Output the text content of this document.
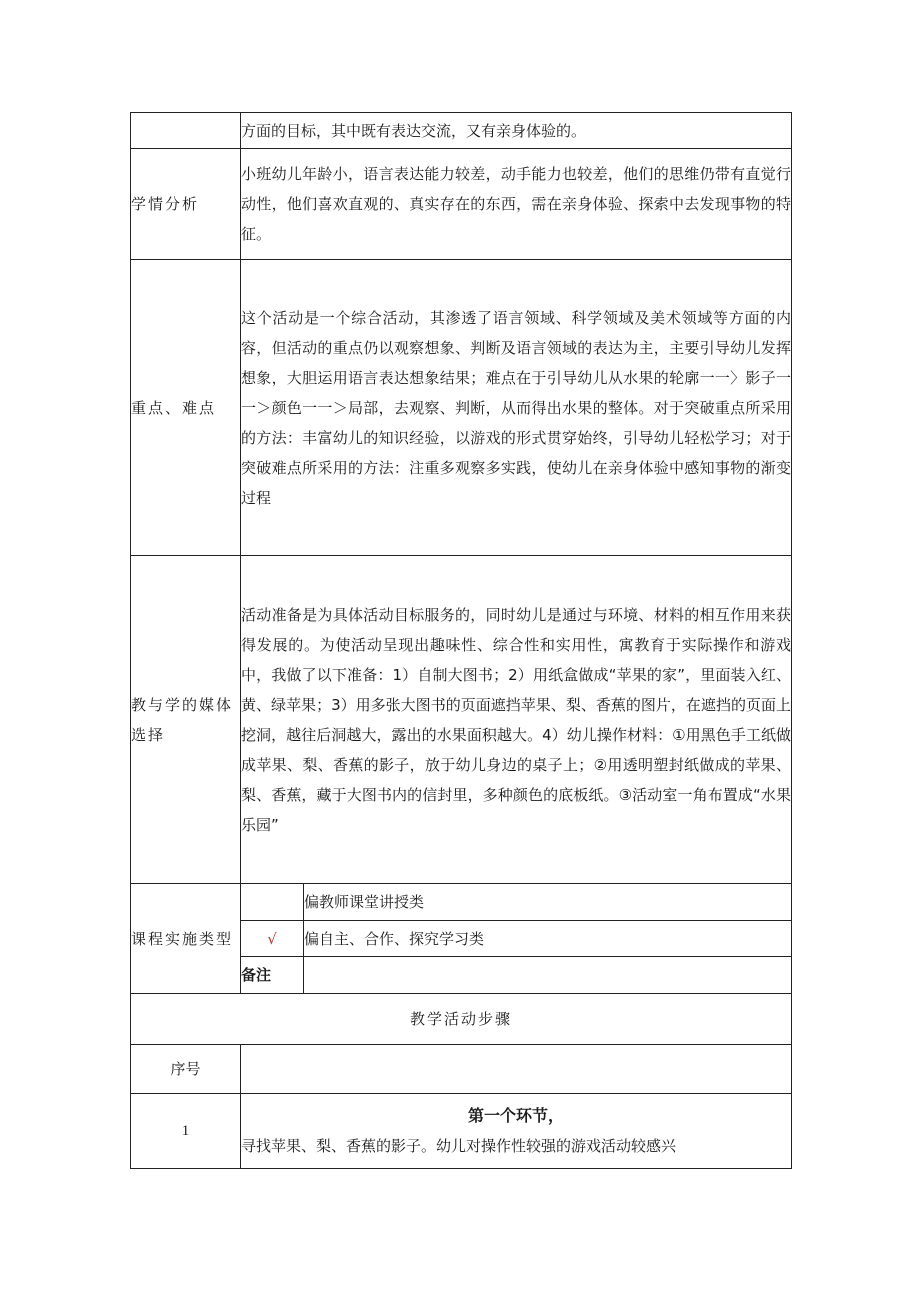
	方面的目标，其中既有表达交流，又有亲身体验的。	
学情分析	小班幼儿年龄小，语言表达能力较差，动手能力也较差，他们的思维仍带有直觉行动性，他们喜欢直观的、真实存在的东西，需在亲身体验、探索中去发现事物的特征。	
重点、难点	这个活动是一个综合活动，其渗透了语言领域、科学领域及美术领域等方面的内容，但活动的重点仍以观察想象、判断及语言领域的表达为主，主要引导幼儿发挥想象，大胆运用语言表达想象结果；难点在于引导幼儿从水果的轮廓一一〉影子一一＞颜色一一＞局部，去观察、判断，从而得出水果的整体。对于突破重点所采用的方法：丰富幼儿的知识经验，以游戏的形式贯穿始终，引导幼儿轻松学习；对于突破难点所采用的方法：注重多观察多实践，使幼儿在亲身体验中感知事物的渐变过程	
教与学的媒体选择	活动准备是为具体活动目标服务的，同时幼儿是通过与环境、材料的相互作用来获得发展的。为使活动呈现出趣味性、综合性和实用性，寓教育于实际操作和游戏中，我做了以下准备：1）自制大图书；2）用纸盒做成“苹果的家”，里面装入红、黄、绿苹果；3）用多张大图书的页面遮挡苹果、梨、香蕉的图片，在遮挡的页面上挖洞，越往后洞越大，露出的水果面积越大。4）幼儿操作材料：①用黑色手工纸做成苹果、梨、香蕉的影子，放于幼儿身边的桌子上；②用透明塑封纸做成的苹果、梨、香蕉，藏于大图书内的信封里，多种颜色的底板纸。③活动室一角布置成“水果乐园”	
课程实施类型		偏教师课堂讲授类
	√	偏自主、合作、探究学习类
	备注	
教学活动步骤		
序号		
1	第一个环节，
寻找苹果、梨、香蕉的影子。幼儿对操作性较强的游戏活动较感兴	
